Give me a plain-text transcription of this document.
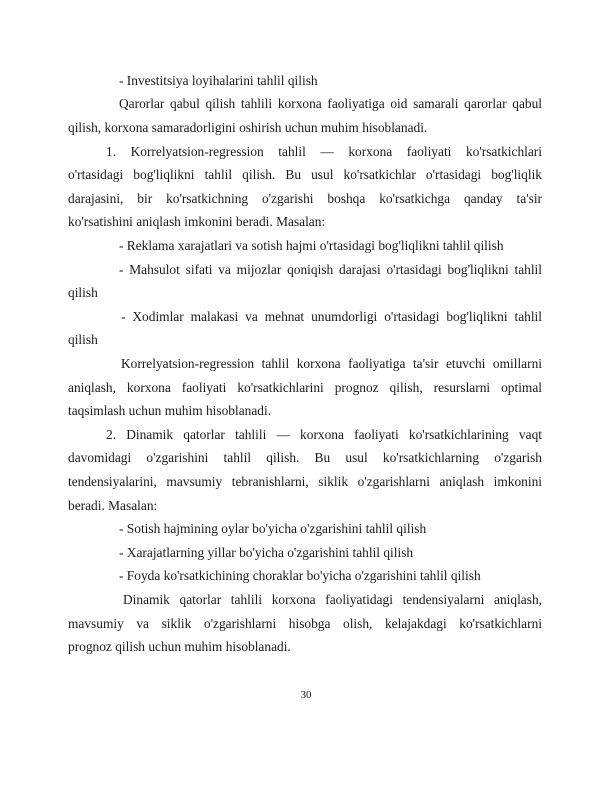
- Investitsiya loyihalarini tahlil qilish
Qarorlar qabul qilish tahlili korxona faoliyatiga oid samarali qarorlar qabul
qilish, korxona samaradorligini oshirish uchun muhim hisoblanadi.
1. Korrelyatsion-regression tahlil — korxona faoliyati ko'rsatkichlari
o'rtasidagi bog'liqlikni tahlil qilish. Bu usul ko'rsatkichlar o'rtasidagi bog'liqlik
darajasini, bir ko'rsatkichning o'zgarishi boshqa ko'rsatkichga qanday ta'sir
ko'rsatishini aniqlash imkonini beradi. Masalan:
- Reklama xarajatlari va sotish hajmi o'rtasidagi bog'liqlikni tahlil qilish
- Mahsulot sifati va mijozlar qoniqish darajasi o'rtasidagi bog'liqlikni tahlil
qilish
- Xodimlar malakasi va mehnat unumdorligi o'rtasidagi bog'liqlikni tahlil
qilish
Korrelyatsion-regression tahlil korxona faoliyatiga ta'sir etuvchi omillarni
aniqlash, korxona faoliyati ko'rsatkichlarini prognoz qilish, resurslarni optimal
taqsimlash uchun muhim hisoblanadi.
2. Dinamik qatorlar tahlili — korxona faoliyati ko'rsatkichlarining vaqt
davomidagi o'zgarishini tahlil qilish. Bu usul ko'rsatkichlarning o'zgarish
tendensiyalarini, mavsumiy tebranishlarni, siklik o'zgarishlarni aniqlash imkonini
beradi. Masalan:
- Sotish hajmining oylar bo'yicha o'zgarishini tahlil qilish
- Xarajatlarning yillar bo'yicha o'zgarishini tahlil qilish
- Foyda ko'rsatkichining choraklar bo'yicha o'zgarishini tahlil qilish
Dinamik qatorlar tahlili korxona faoliyatidagi tendensiyalarni aniqlash,
mavsumiy va siklik o'zgarishlarni hisobga olish, kelajakdagi ko'rsatkichlarni
prognoz qilish uchun muhim hisoblanadi.
30
